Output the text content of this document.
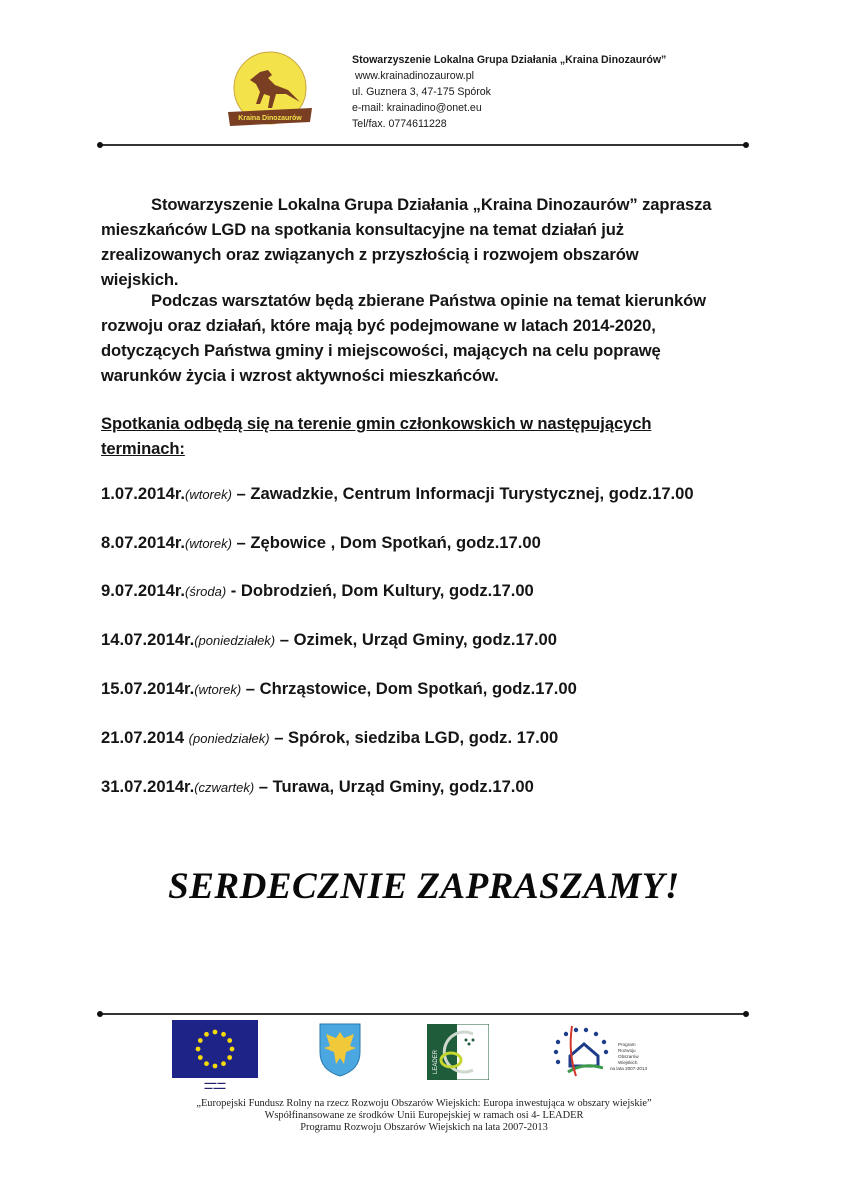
Kraina Dinozaurów
Stowarzyszenie Lokalna Grupa Działania „Kraina Dinozaurów”
www.krainadinozaurow.pl
ul. Guznera 3, 47-175 Spórok
e-mail: krainadino@onet.eu
Tel/fax. 0774611228
Stowarzyszenie Lokalna Grupa Działania „Kraina Dinozaurów” zaprasza
mieszkańców LGD na spotkania konsultacyjne na temat działań już
zrealizowanych oraz związanych z przyszłością i rozwojem obszarów
wiejskich.
Podczas warsztatów będą zbierane Państwa opinie na temat kierunków
rozwoju oraz działań, które mają być podejmowane w latach 2014-2020,
dotyczących Państwa gminy i miejscowości, mających na celu poprawę
warunków życia i wzrost aktywności mieszkańców.
Spotkania odbędą się na terenie gmin członkowskich w następujących
terminach:
1.07.2014r.(wtorek) – Zawadzkie, Centrum Informacji Turystycznej, godz.17.00
8.07.2014r.(wtorek) – Zębowice , Dom Spotkań, godz.17.00
9.07.2014r.(środa) - Dobrodzień, Dom Kultury, godz.17.00
14.07.2014r.(poniedziałek) – Ozimek, Urząd Gminy, godz.17.00
15.07.2014r.(wtorek) – Chrząstowice, Dom Spotkań, godz.17.00
21.07.2014 (poniedziałek) – Spórok, siedziba LGD, godz. 17.00
31.07.2014r.(czwartek) – Turawa, Urząd Gminy, godz.17.00
SERDECZNIE ZAPRASZAMY!
▬▬▬ ▬▬
▬▬ ▬▬▬
LEADER
Program
Rozwoju
Obszarów
Wiejskich
na lata 2007-2013
„Europejski Fundusz Rolny na rzecz Rozwoju Obszarów Wiejskich: Europa inwestująca w obszary wiejskie”
Współfinansowane ze środków Unii Europejskiej w ramach osi 4- LEADER
Programu Rozwoju Obszarów Wiejskich na lata 2007-2013
